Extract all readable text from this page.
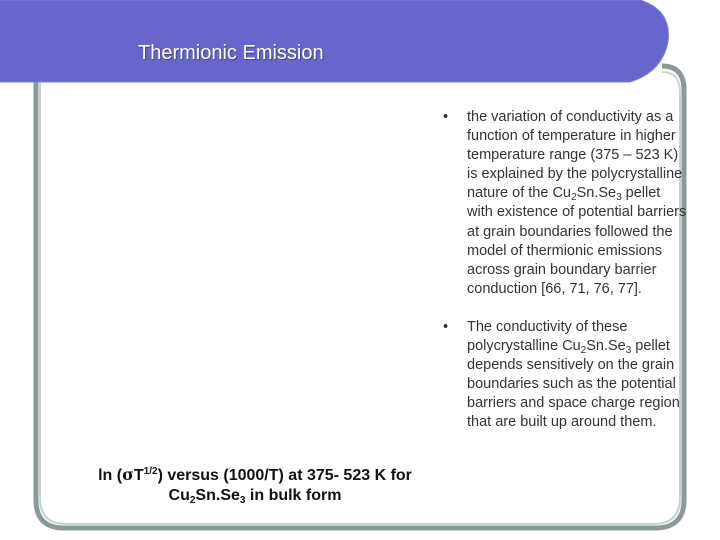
Thermionic Emission
•	the variation of conductivity as a function of temperature in higher temperature range (375 – 523 K) is explained by the polycrystalline nature of the $Cu_2Sn.Se_3$ pellet with existence of potential barriers at grain boundaries followed the model of thermionic emissions across grain boundary barrier conduction [66, 71, 76, 77].
•	The conductivity of these polycrystalline $Cu_2Sn.Se_3$ pellet depends sensitively on the grain boundaries such as the potential barriers and space charge region that are built up around them.
$\ln (\sigma T^{1/2})$ versus (1000/T) at 375- 523 K for $Cu_2Sn.Se_3$ in bulk form
